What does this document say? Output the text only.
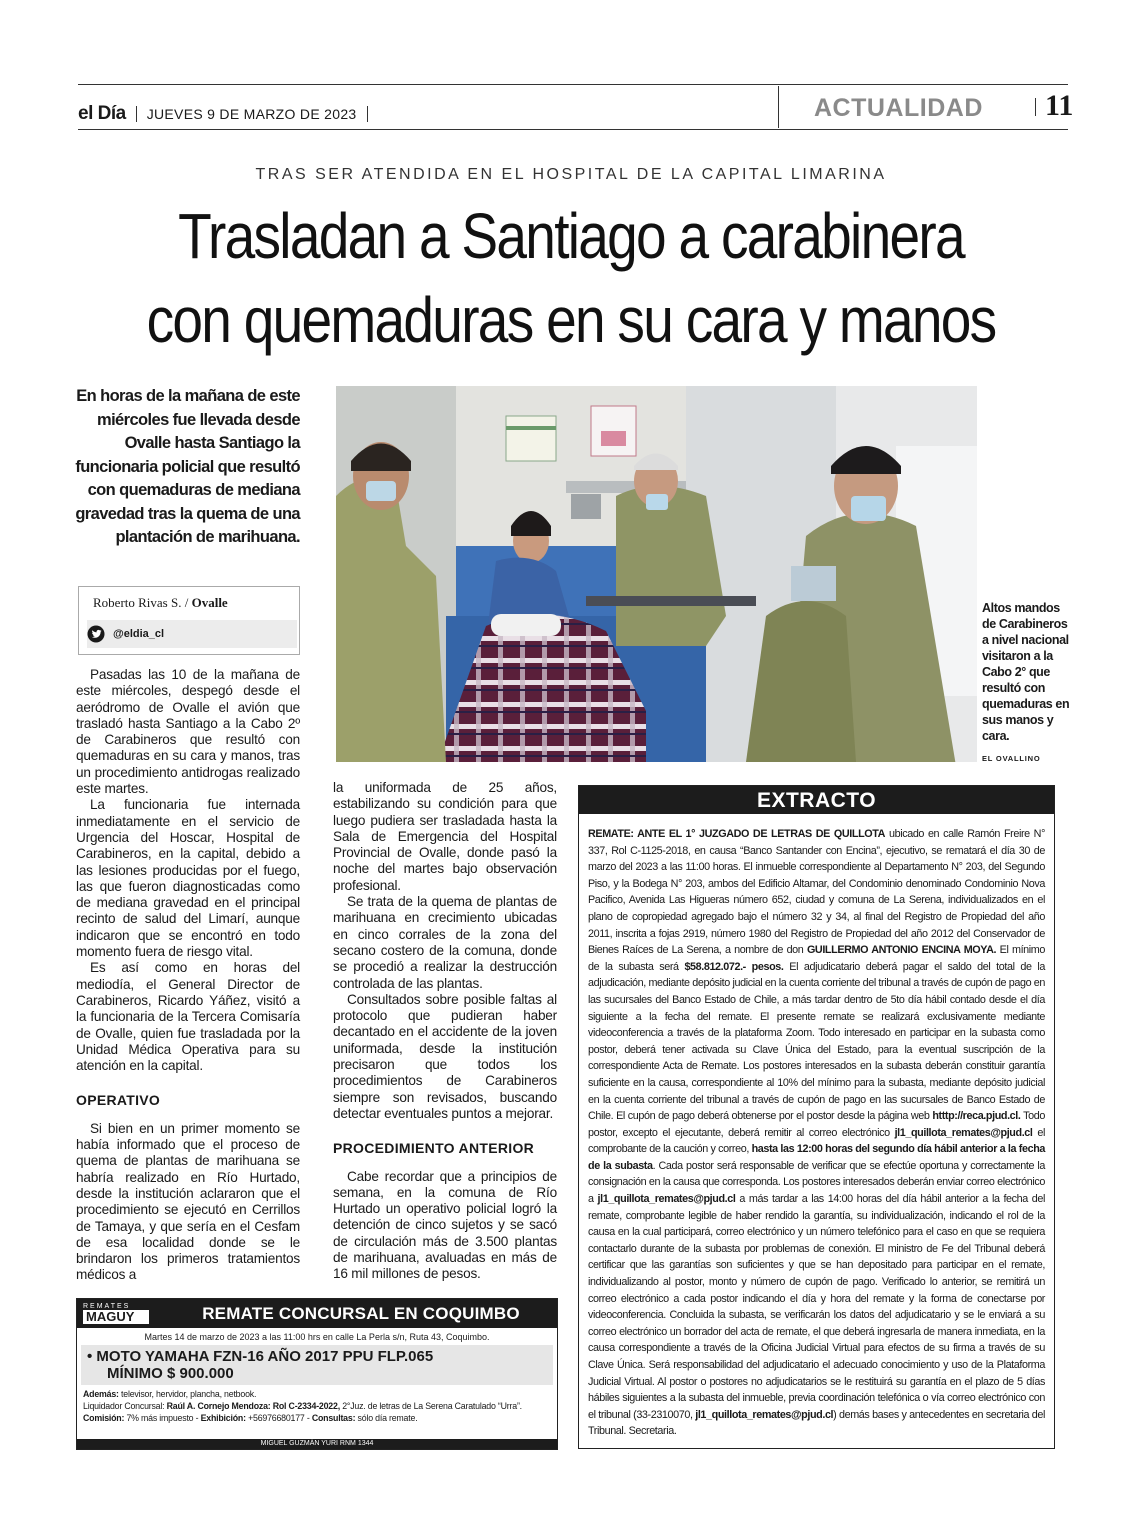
el Día JUEVES 9 DE MARZO DE 2023	ACTUALIDAD 11
TRAS SER ATENDIDA EN EL HOSPITAL DE LA CAPITAL LIMARINA
Trasladan a Santiago a carabinera
con quemaduras en su cara y manos
En horas de la mañana de este miércoles fue llevada desde Ovalle hasta Santiago la funcionaria policial que resultó con quemaduras de mediana gravedad tras la quema de una plantación de marihuana.
Roberto Rivas S. / Ovalle
@eldia_cl
Altos mandos de Carabineros a nivel nacional visitaron a la Cabo 2° que resultó con quemaduras en sus manos y cara.
EL OVALLINO

Pasadas las 10 de la mañana de este miércoles, despegó desde el aeródromo de Ovalle el avión que trasladó hasta Santiago a la Cabo 2º de Carabineros que resultó con quemaduras en su cara y manos, tras un procedimiento antidrogas realizado este martes.

La funcionaria fue internada inmediatamente en el servicio de Urgencia del Hoscar, Hospital de Carabineros, en la capital, debido a las lesiones producidas por el fuego, las que fueron diagnosticadas como de mediana gravedad en el principal recinto de salud del Limarí, aunque indicaron que se encontró en todo momento fuera de riesgo vital.

Es así como en horas del mediodía, el General Director de Carabineros, Ricardo Yáñez, visitó a la funcionaria de la Tercera Comisaría de Ovalle, quien fue trasladada por la Unidad Médica Operativa para su atención en la capital.

OPERATIVO

Si bien en un primer momento se había informado que el proceso de quema de plantas de marihuana se habría realizado en Río Hurtado, desde la institución aclararon que el procedimiento se ejecutó en Cerrillos de Tamaya, y que sería en el Cesfam de esa localidad donde se le brindaron los primeros tratamientos médicos a

la uniformada de 25 años, estabilizando su condición para que luego pudiera ser trasladada hasta la Sala de Emergencia del Hospital Provincial de Ovalle, donde pasó la noche del martes bajo observación profesional.

Se trata de la quema de plantas de marihuana en crecimiento ubicadas en cinco corrales de la zona del secano costero de la comuna, donde se procedió a realizar la destrucción controlada de las plantas.

Consultados sobre posible faltas al protocolo que pudieran haber decantado en el accidente de la joven uniformada, desde la institución precisaron que todos los procedimientos de Carabineros siempre son revisados, buscando detectar eventuales puntos a mejorar.

PROCEDIMIENTO ANTERIOR

Cabe recordar que a principios de semana, en la comuna de Río Hurtado un operativo policial logró la detención de cinco sujetos y se sacó de circulación más de 3.500 plantas de marihuana, avaluadas en más de 16 mil millones de pesos.

EXTRACTO
REMATE: ANTE EL 1° JUZGADO DE LETRAS DE QUILLOTA ubicado en calle Ramón Freire N° 337, Rol C-1125-2018, en causa “Banco Santander con Encina”, ejecutivo, se rematará el día 30 de marzo del 2023 a las 11:00 horas. El inmueble correspondiente al Departamento N° 203, del Segundo Piso, y la Bodega N° 203, ambos del Edificio Altamar, del Condominio denominado Condominio Nova Pacifico, Avenida Las Higueras número 652, ciudad y comuna de La Serena, individualizados en el plano de copropiedad agregado bajo el número 32 y 34, al final del Registro de Propiedad del año 2011, inscrita a fojas 2919, número 1980 del Registro de Propiedad del año 2012 del Conservador de Bienes Raíces de La Serena, a nombre de don GUILLERMO ANTONIO ENCINA MOYA. El mínimo de la subasta será $58.812.072.- pesos. El adjudicatario deberá pagar el saldo del total de la adjudicación, mediante depósito judicial en la cuenta corriente del tribunal a través de cupón de pago en las sucursales del Banco Estado de Chile, a más tardar dentro de 5to día hábil contado desde el día siguiente a la fecha del remate. El presente remate se realizará exclusivamente mediante videoconferencia a través de la plataforma Zoom. Todo interesado en participar en la subasta como postor, deberá tener activada su Clave Única del Estado, para la eventual suscripción de la correspondiente Acta de Remate. Los postores interesados en la subasta deberán constituir garantía suficiente en la causa, correspondiente al 10% del mínimo para la subasta, mediante depósito judicial en la cuenta corriente del tribunal a través de cupón de pago en las sucursales de Banco Estado de Chile. El cupón de pago deberá obtenerse por el postor desde la página web htttp://reca.pjud.cl. Todo postor, excepto el ejecutante, deberá remitir al correo electrónico jl1_quillota_remates@pjud.cl el comprobante de la caución y correo, hasta las 12:00 horas del segundo día hábil anterior a la fecha de la subasta. Cada postor será responsable de verificar que se efectúe oportuna y correctamente la consignación en la causa que corresponda. Los postores interesados deberán enviar correo electrónico a jl1_quillota_remates@pjud.cl a más tardar a las 14:00 horas del día hábil anterior a la fecha del remate, comprobante legible de haber rendido la garantía, su individualización, indicando el rol de la causa en la cual participará, correo electrónico y un número telefónico para el caso en que se requiera contactarlo durante de la subasta por problemas de conexión. El ministro de Fe del Tribunal deberá certificar que las garantías son suficientes y que se han depositado para participar en el remate, individualizando al postor, monto y número de cupón de pago. Verificado lo anterior, se remitirá un correo electrónico a cada postor indicando el día y hora del remate y la forma de conectarse por videoconferencia. Concluida la subasta, se verificarán los datos del adjudicatario y se le enviará a su correo electrónico un borrador del acta de remate, el que deberá ingresarla de manera inmediata, en la causa correspondiente a través de la Oficina Judicial Virtual para efectos de su firma a través de su Clave Única. Será responsabilidad del adjudicatario el adecuado conocimiento y uso de la Plataforma Judicial Virtual. Al postor o postores no adjudicatarios se le restituirá su garantía en el plazo de 5 días hábiles siguientes a la subasta del inmueble, previa coordinación telefónica o vía correo electrónico con el tribunal (33-2310070, jl1_quillota_remates@pjud.cl) demás bases y antecedentes en secretaria del Tribunal. Secretaria.
REMATES
MAGUY	REMATE CONCURSAL EN COQUIMBO
Martes 14 de marzo de 2023 a las 11:00 hrs en calle La Perla s/n, Ruta 43, Coquimbo.
• MOTO YAMAHA FZN-16 AÑO 2017 PPU FLP.065
MÍNIMO $ 900.000
Además: televisor, hervidor, plancha, netbook.
Liquidador Concursal: Raúl A. Cornejo Mendoza: Rol C-2334-2022, 2°Juz. de letras de La Serena Caratulado “Urra”.
Comisión: 7% más impuesto - Exhibición: +56976680177 - Consultas: sólo día remate.
MIGUEL GUZMÁN YURI RNM 1344
